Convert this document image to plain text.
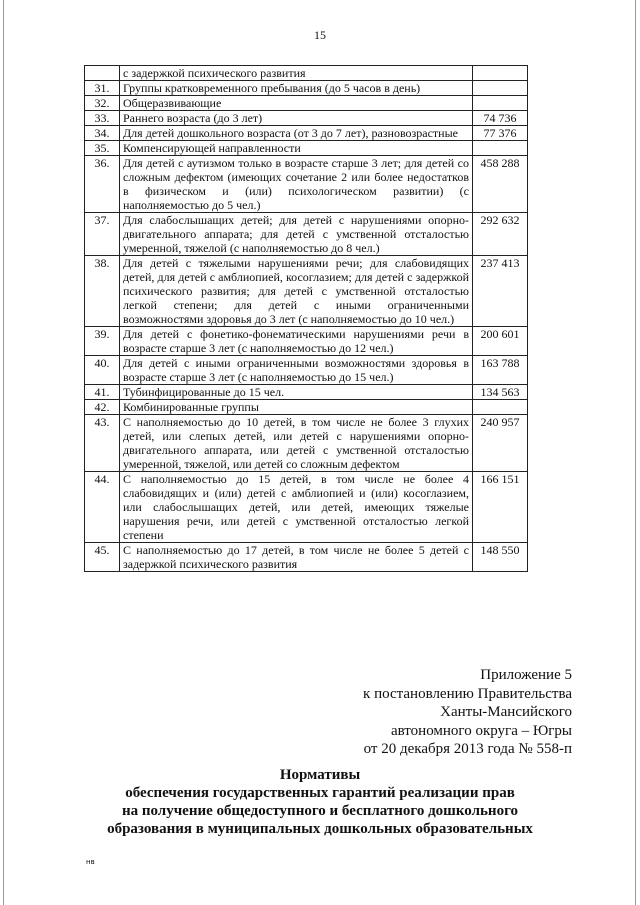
15
	с задержкой психического развития	
31.	Группы кратковременного пребывания (до 5 часов в день)	
32.	Общеразвивающие	
33.	Раннего возраста (до 3 лет)	74 736
34.	Для детей дошкольного возраста (от 3 до 7 лет), разновозрастные	77 376
35.	Компенсирующей направленности	
36.	Для детей с аутизмом только в возрасте старше 3 лет; для детей со сложным дефектом (имеющих сочетание 2 или более недостатков в физическом и (или) психологическом развитии) (с наполняемостью до 5 чел.)	458 288
37.	Для слабослышащих детей; для детей с нарушениями опорно-двигательного аппарата; для детей с умственной отсталостью умеренной, тяжелой (с наполняемостью до 8 чел.)	292 632
38.	Для детей с тяжелыми нарушениями речи; для слабовидящих детей, для детей с амблиопией, косоглазием; для детей с задержкой психического развития; для детей с умственной отсталостью легкой степени; для детей с иными ограниченными возможностями здоровья до 3 лет (с наполняемостью до 10 чел.)	237 413
39.	Для детей с фонетико-фонематическими нарушениями речи в возрасте старше 3 лет (с наполняемостью до 12 чел.)	200 601
40.	Для детей с иными ограниченными возможностями здоровья в возрасте старше 3 лет (с наполняемостью до 15 чел.)	163 788
41.	Тубинфицированные до 15 чел.	134 563
42.	Комбинированные группы	
43.	С наполняемостью до 10 детей, в том числе не более 3 глухих детей, или слепых детей, или детей с нарушениями опорно-двигательного аппарата, или детей с умственной отсталостью умеренной, тяжелой, или детей со сложным дефектом	240 957
44.	С наполняемостью до 15 детей, в том числе не более 4 слабовидящих и (или) детей с амблиопией и (или) косоглазием, или слабослышащих детей, или детей, имеющих тяжелые нарушения речи, или детей с умственной отсталостью легкой степени	166 151
45.	С наполняемостью до 17 детей, в том числе не более 5 детей с задержкой психического развития	148 550
Приложение 5
к постановлению Правительства
Ханты-Мансийского
автономного округа – Югры
от 20 декабря 2013 года № 558-п
Нормативы
обеспечения государственных гарантий реализации прав
на получение общедоступного и бесплатного дошкольного
образования в муниципальных дошкольных образовательных
нв
